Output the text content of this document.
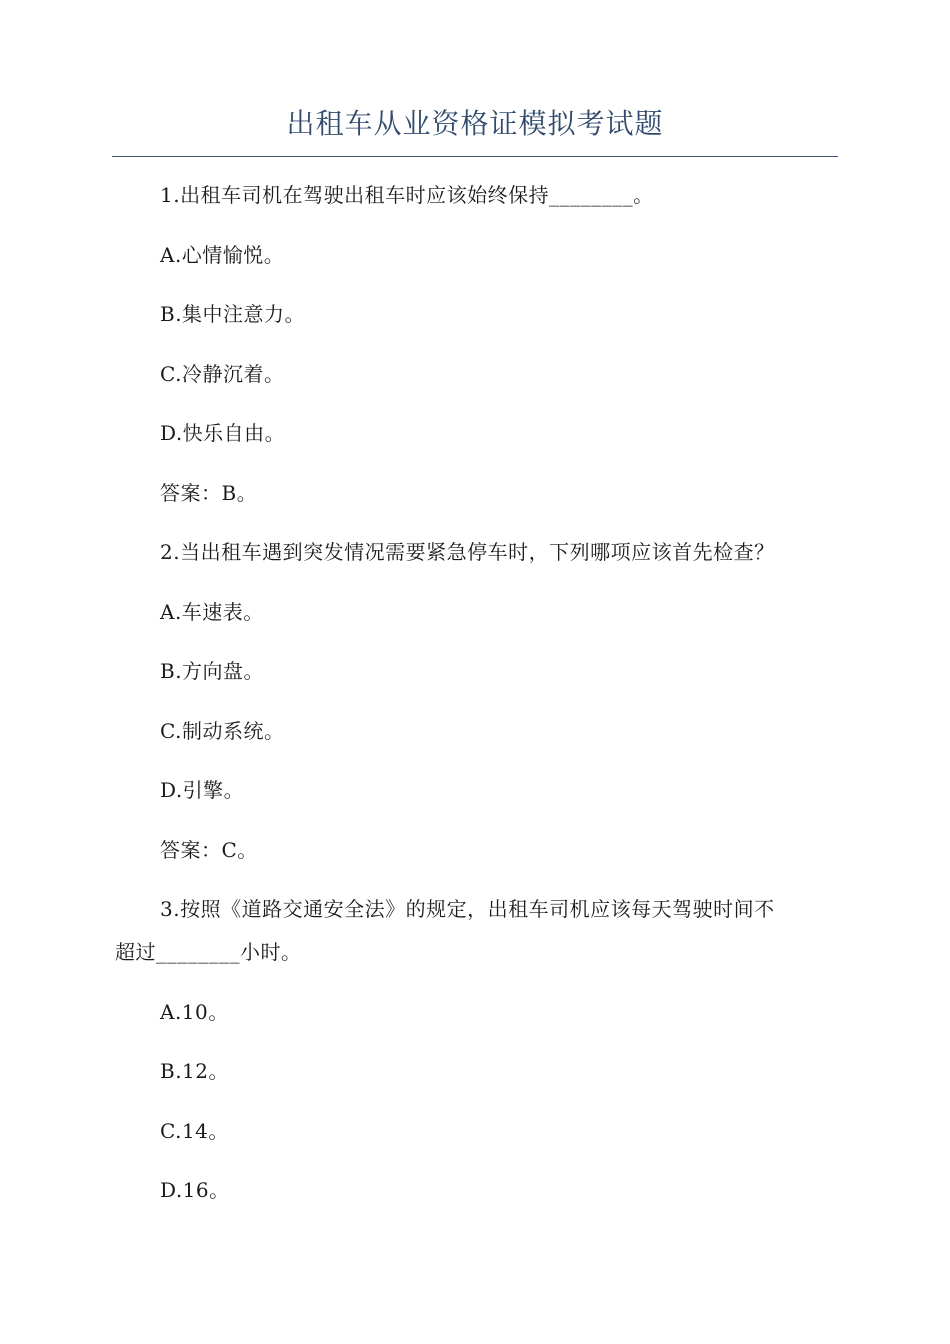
出租车从业资格证模拟考试题
1.出租车司机在驾驶出租车时应该始终保持________。
A.心情愉悦。
B.集中注意力。
C.冷静沉着。
D.快乐自由。
答案：B。
2.当出租车遇到突发情况需要紧急停车时，下列哪项应该首先检查？
A.车速表。
B.方向盘。
C.制动系统。
D.引擎。
答案：C。
3.按照《道路交通安全法》的规定，出租车司机应该每天驾驶时间不
超过________小时。
A.10。
B.12。
C.14。
D.16。
